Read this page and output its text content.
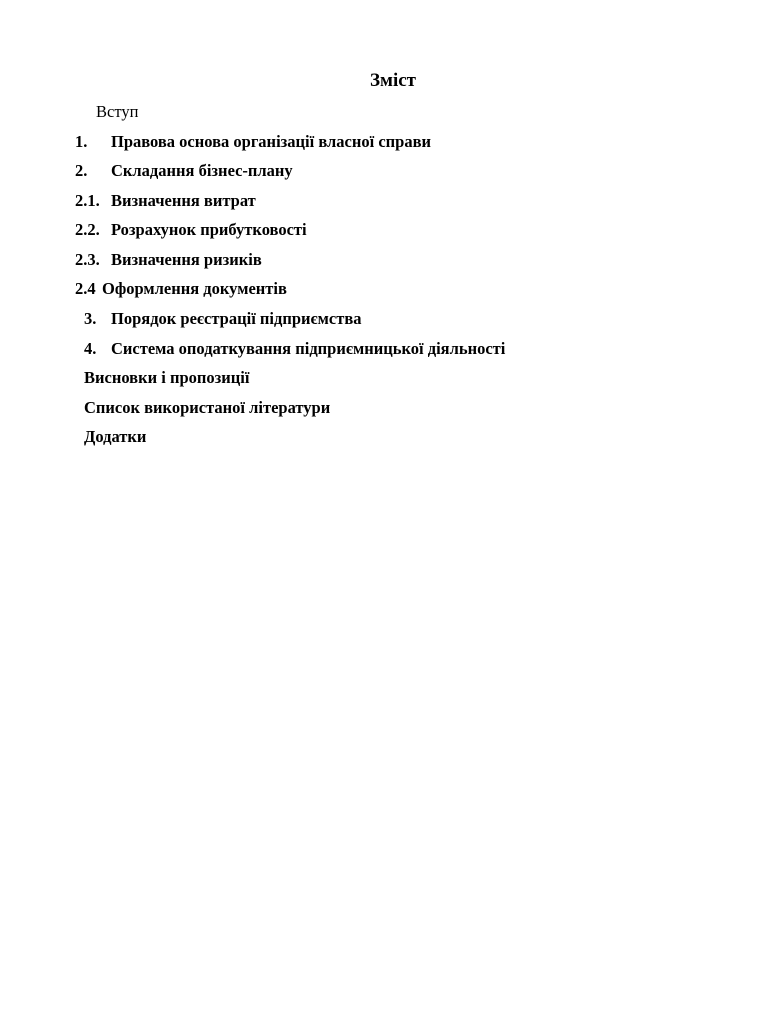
Зміст
Вступ
1. Правова основа організації власної справи
2. Складання бізнес-плану
2.1. Визначення витрат
2.2. Розрахунок прибутковості
2.3. Визначення ризиків
2.4 Оформлення документів
3. Порядок реєстрації підприємства
4. Система оподаткування підприємницької діяльності
Висновки і пропозиції
Список використаної літератури
Додатки
